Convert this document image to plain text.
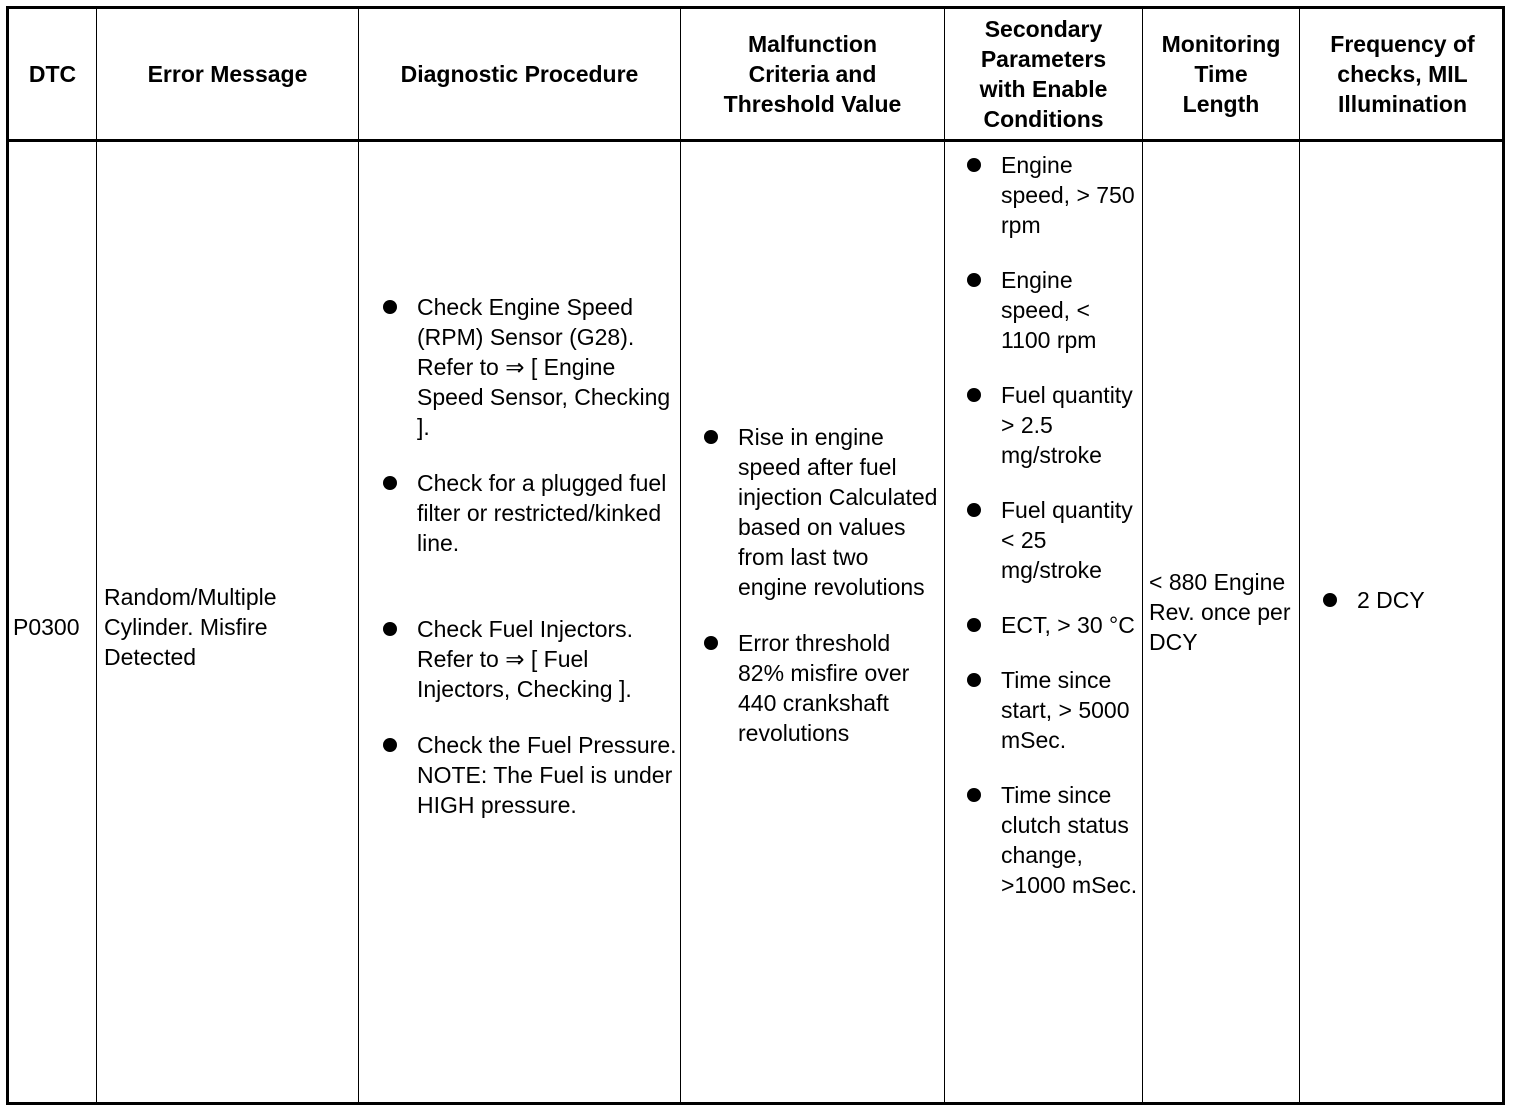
DTC	Error Message	Diagnostic Procedure
Malfunction Criteria and Threshold Value
Secondary Parameters with Enable Conditions
Monitoring Time Length
Frequency of checks, MIL Illumination
P0300
Random/Multiple Cylinder. Misfire Detected
Check Engine Speed (RPM) Sensor (G28). Refer to ⇒ [ Engine Speed Sensor, Checking ].
Check for a plugged fuel filter or restricted/kinked line.
Check Fuel Injectors. Refer to ⇒ [ Fuel Injectors, Checking ].
Check the Fuel Pressure. NOTE: The Fuel is under HIGH pressure.
Rise in engine speed after fuel injection Calculated based on values from last two engine revolutions
Error threshold 82% misfire over 440 crankshaft revolutions
Engine speed, > 750 rpm
Engine speed, < 1100 rpm
Fuel quantity > 2.5 mg/stroke
Fuel quantity < 25 mg/stroke
ECT, > 30 °C
Time since start, > 5000 mSec.
Time since clutch status change, >1000 mSec.
< 880 Engine Rev. once per DCY
2 DCY
